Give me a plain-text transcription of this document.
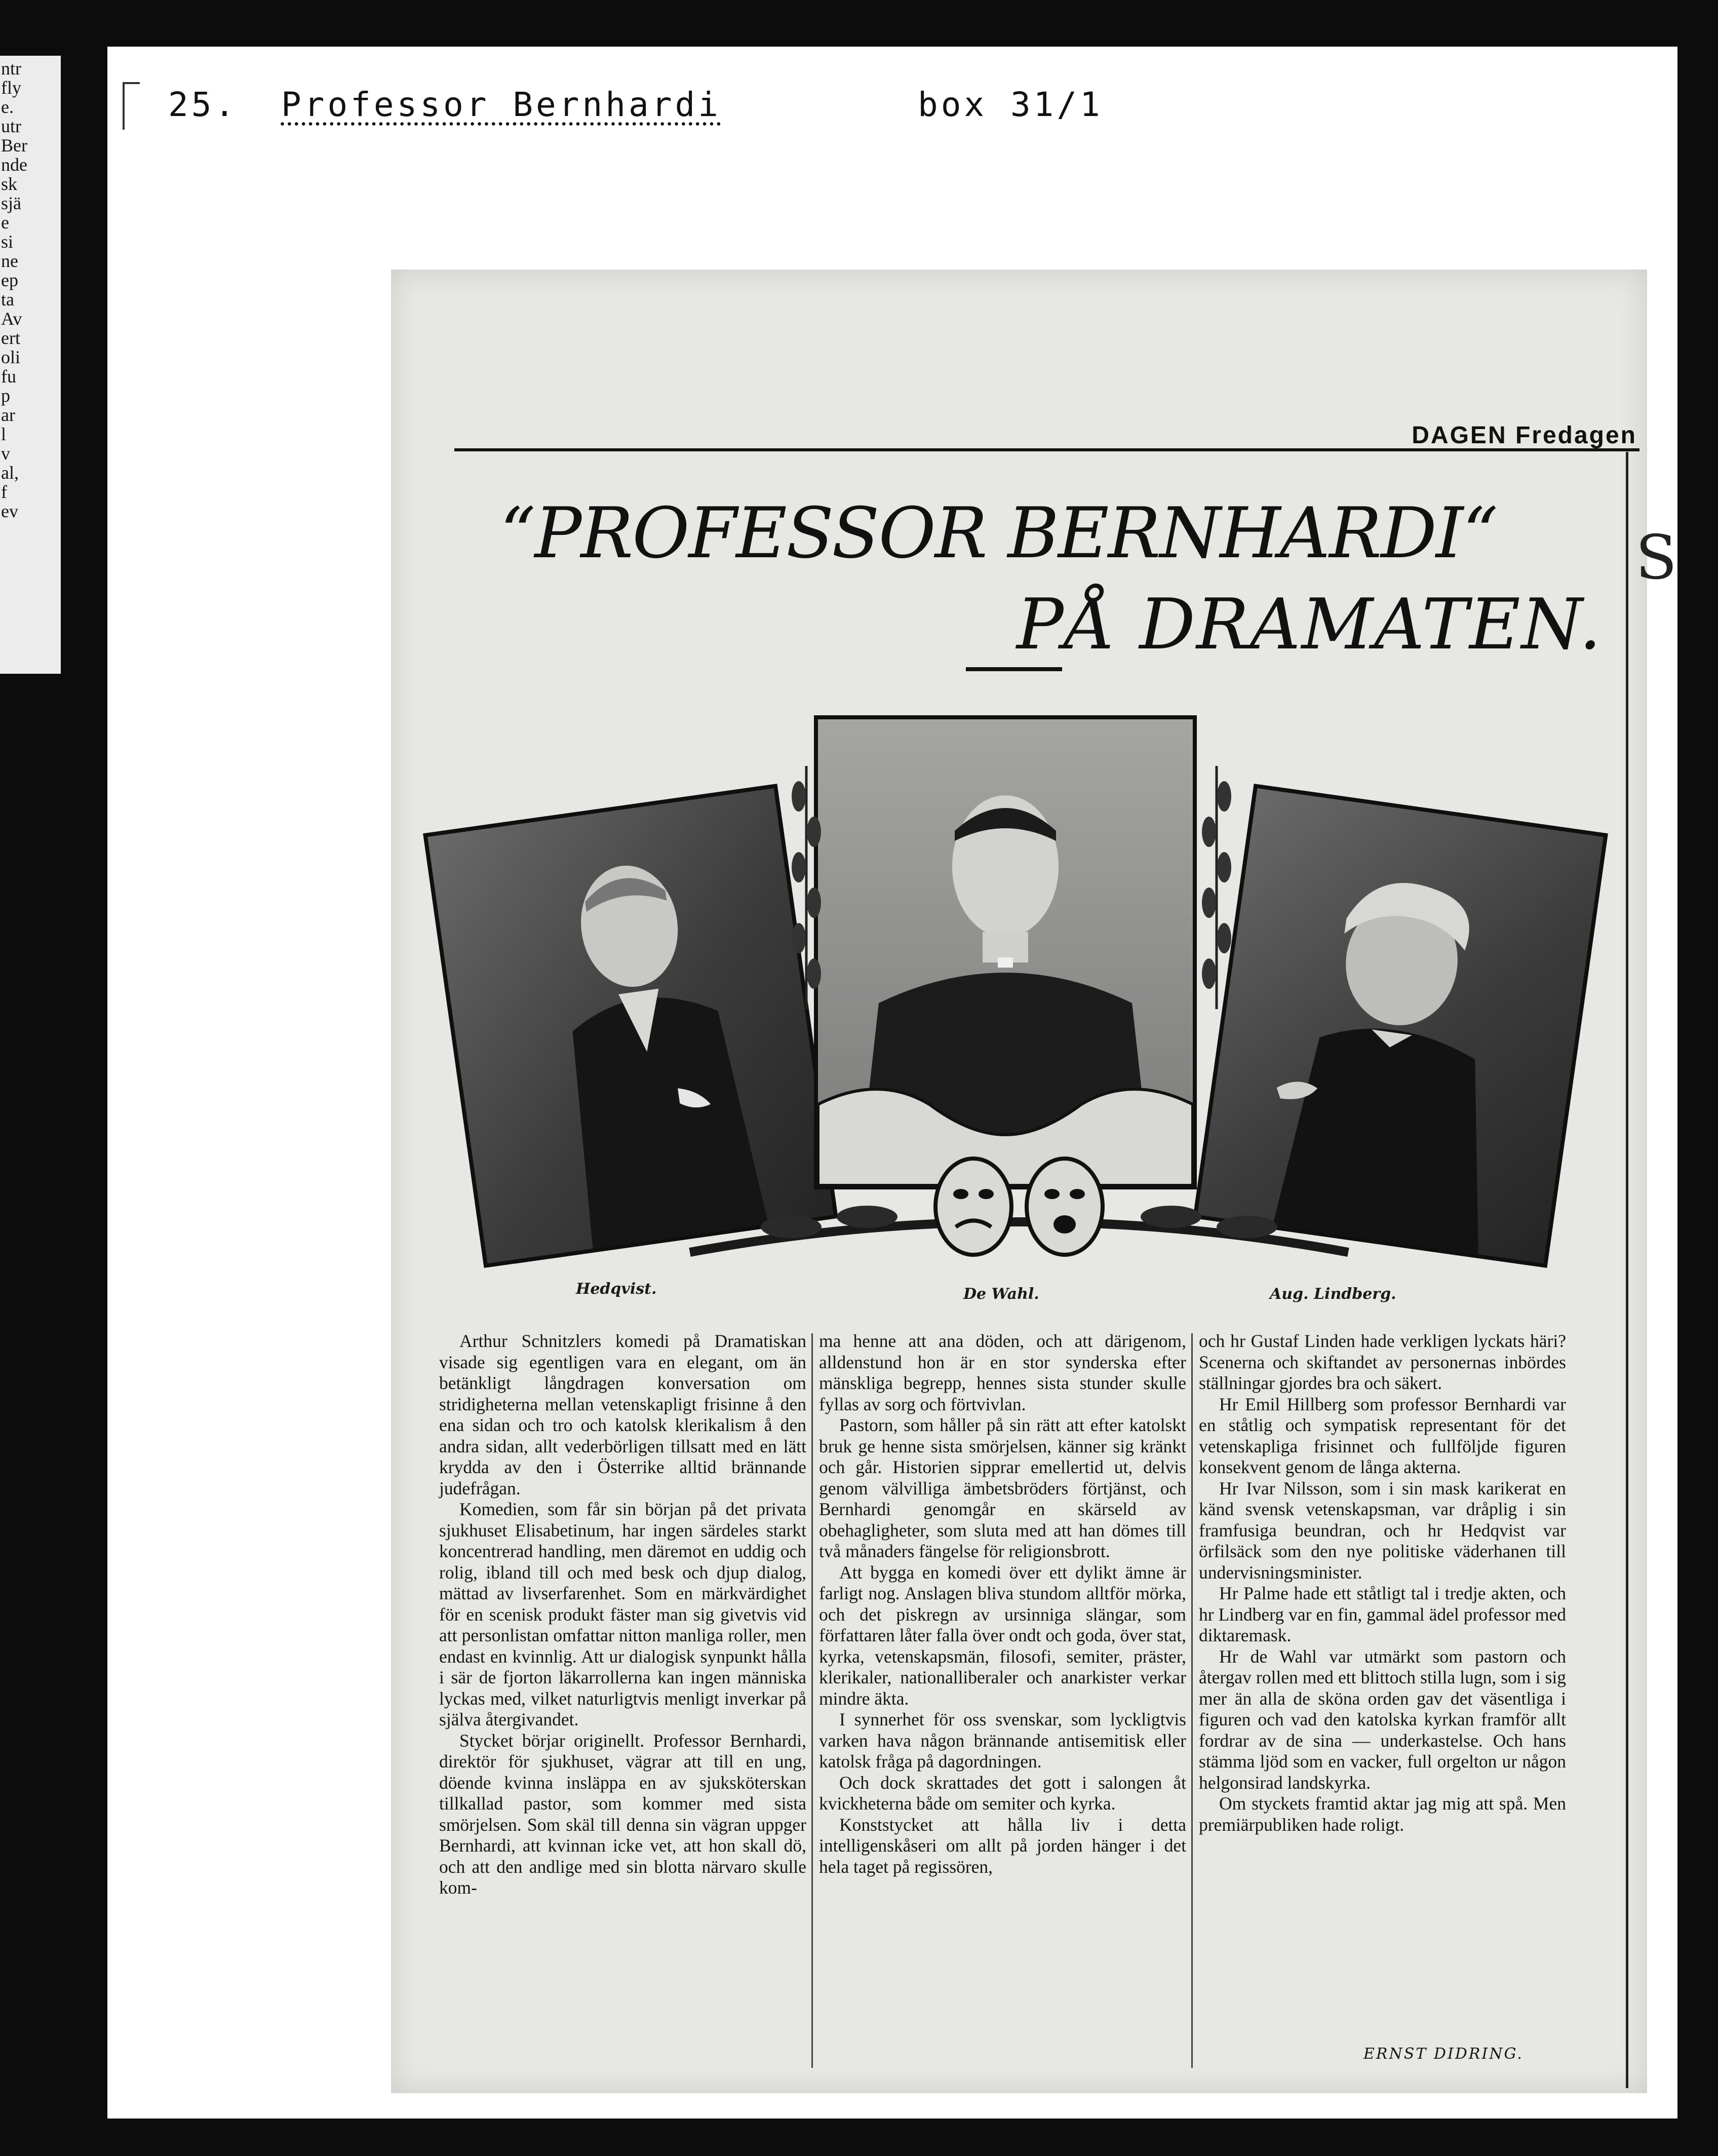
ntr
fly
e.
utr
Ber
nde
sk
sjä
e
si
ne
ep
ta
Av
ert
oli
fu
p
ar
l
v
al,
f
ev
25. Professor Bernhardi	box 31/1
DAGEN Fredagen
S
“PROFESSOR BERNHARDI“
PÅ DRAMATEN.
Hedqvist.	De Wahl.	Aug. Lindberg.

Arthur Schnitzlers komedi på Dramatiskan visade sig egentligen vara en elegant, om än betänkligt långdragen konversation om stridigheterna mellan vetenskapligt frisinne å den ena sidan och tro och katolsk klerikalism å den andra sidan, allt vederbörligen tillsatt med en lätt krydda av den i Österrike alltid brännande judefrågan.

Komedien, som får sin början på det privata sjukhuset Elisabetinum, har ingen särdeles starkt koncentrerad handling, men däremot en uddig och rolig, ibland till och med besk och djup dialog, mättad av livserfarenhet. Som en märkvärdighet för en scenisk produkt fäster man sig givetvis vid att personlistan omfattar nitton manliga roller, men endast en kvinnlig. Att ur dialogisk synpunkt hålla i sär de fjorton läkarrollerna kan ingen människa lyckas med, vilket naturligtvis menligt inverkar på själva återgivandet.

Stycket börjar originellt. Professor Bernhardi, direktör för sjukhuset, vägrar att till en ung, döende kvinna insläppa en av sjuksköterskan tillkallad pastor, som kommer med sista smörjelsen. Som skäl till denna sin vägran uppger Bernhardi, att kvinnan icke vet, att hon skall dö, och att den andlige med sin blotta närvaro skulle kom-

ma henne att ana döden, och att därigenom, alldenstund hon är en stor synderska efter mänskliga begrepp, hennes sista stunder skulle fyllas av sorg och förtvivlan.

Pastorn, som håller på sin rätt att efter katolskt bruk ge henne sista smörjelsen, känner sig kränkt och går. Historien sipprar emellertid ut, delvis genom välvilliga ämbetsbröders förtjänst, och Bernhardi genomgår en skärseld av obehagligheter, som sluta med att han dömes till två månaders fängelse för religionsbrott.

Att bygga en komedi över ett dylikt ämne är farligt nog. Anslagen bliva stundom alltför mörka, och det piskregn av ursinniga slängar, som författaren låter falla över ondt och goda, över stat, kyrka, vetenskapsmän, filosofi, semiter, präster, klerikaler, nationalliberaler och anarkister verkar mindre äkta.

I synnerhet för oss svenskar, som lyckligtvis varken hava någon brännande antisemitisk eller katolsk fråga på dagordningen.

Och dock skrattades det gott i salongen åt kvickheterna både om semiter och kyrka.

Konststycket att hålla liv i detta intelligenskåseri om allt på jorden hänger i det hela taget på regissören,

och hr Gustaf Linden hade verkligen lyckats häri? Scenerna och skiftandet av personernas inbördes ställningar gjordes bra och säkert.

Hr Emil Hillberg som professor Bernhardi var en ståtlig och sympatisk representant för det vetenskapliga frisinnet och fullföljde figuren konsekvent genom de långa akterna.

Hr Ivar Nilsson, som i sin mask karikerat en känd svensk vetenskapsman, var dråplig i sin framfusiga beundran, och hr Hedqvist var örfilsäck som den nye politiske väderhanen till undervisningsminister.

Hr Palme hade ett ståtligt tal i tredje akten, och hr Lindberg var en fin, gammal ädel professor med diktaremask.

Hr de Wahl var utmärkt som pastorn och återgav rollen med ett blittoch stilla lugn, som i sig mer än alla de sköna orden gav det väsentliga i figuren och vad den katolska kyrkan framför allt fordrar av de sina — underkastelse. Och hans stämma ljöd som en vacker, full orgelton ur någon helgonsirad landskyrka.

Om styckets framtid aktar jag mig att spå. Men premiärpubliken hade roligt.

ERNST DIDRING.
